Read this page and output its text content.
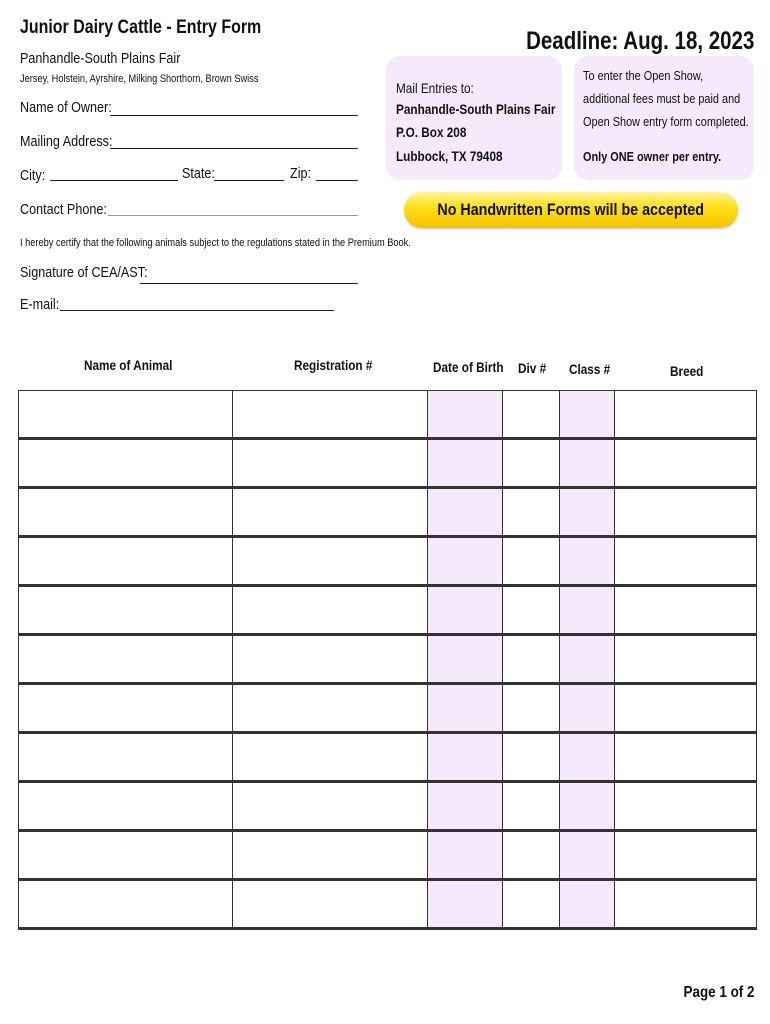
Junior Dairy Cattle - Entry Form
Panhandle-South Plains Fair
Jersey, Holstein, Ayrshire, Milking Shorthorn, Brown Swiss
Deadline: Aug. 18, 2023
Name of Owner:
Mailing Address:
City:	State:	Zip:
Contact Phone:
Mail Entries to:
Panhandle-South Plains Fair
P.O. Box 208
Lubbock, TX 79408
To enter the Open Show,
additional fees must be paid and
Open Show entry form completed.
Only ONE owner per entry.
No Handwritten Forms will be accepted
I hereby certify that the following animals subject to the regulations stated in the Premium Book.
Signature of CEA/AST:
E-mail:
Name of Animal	Registration #	Date of Birth	Div #	Class #	Breed

Page 1 of 2
